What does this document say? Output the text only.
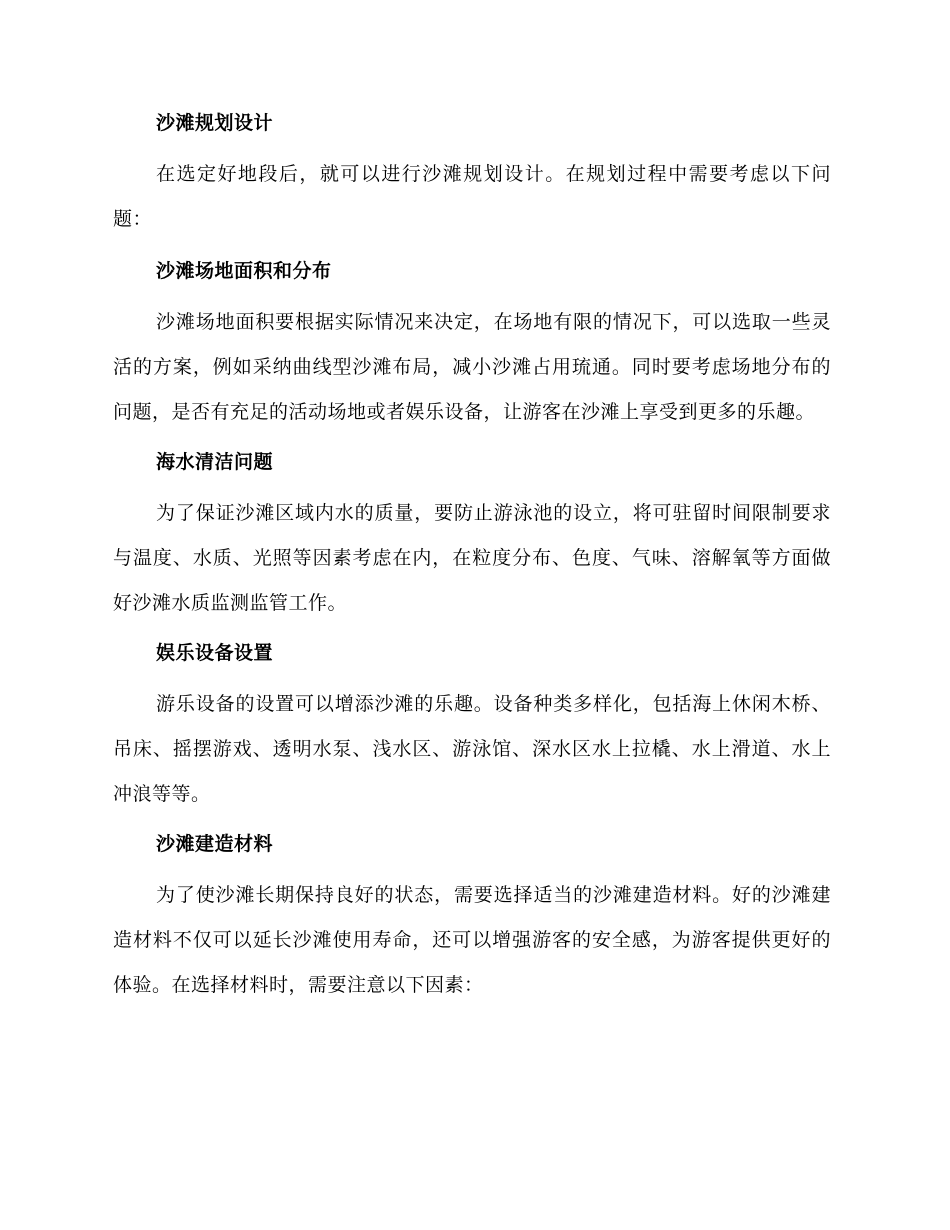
沙滩规划设计

在选定好地段后，就可以进行沙滩规划设计。在规划过程中需要考虑以下问题：

沙滩场地面积和分布

沙滩场地面积要根据实际情况来决定，在场地有限的情况下，可以选取一些灵活的方案，例如采纳曲线型沙滩布局，减小沙滩占用琉通。同时要考虑场地分布的问题，是否有充足的活动场地或者娱乐设备，让游客在沙滩上享受到更多的乐趣。

海水清洁问题

为了保证沙滩区域内水的质量，要防止游泳池的设立，将可驻留时间限制要求与温度、水质、光照等因素考虑在内，在粒度分布、色度、气味、溶解氧等方面做好沙滩水质监测监管工作。

娱乐设备设置

游乐设备的设置可以增添沙滩的乐趣。设备种类多样化，包括海上休闲木桥、吊床、摇摆游戏、透明水泵、浅水区、游泳馆、深水区水上拉橇、水上滑道、水上冲浪等等。

沙滩建造材料

为了使沙滩长期保持良好的状态，需要选择适当的沙滩建造材料。好的沙滩建造材料不仅可以延长沙滩使用寿命，还可以增强游客的安全感，为游客提供更好的体验。在选择材料时，需要注意以下因素：
